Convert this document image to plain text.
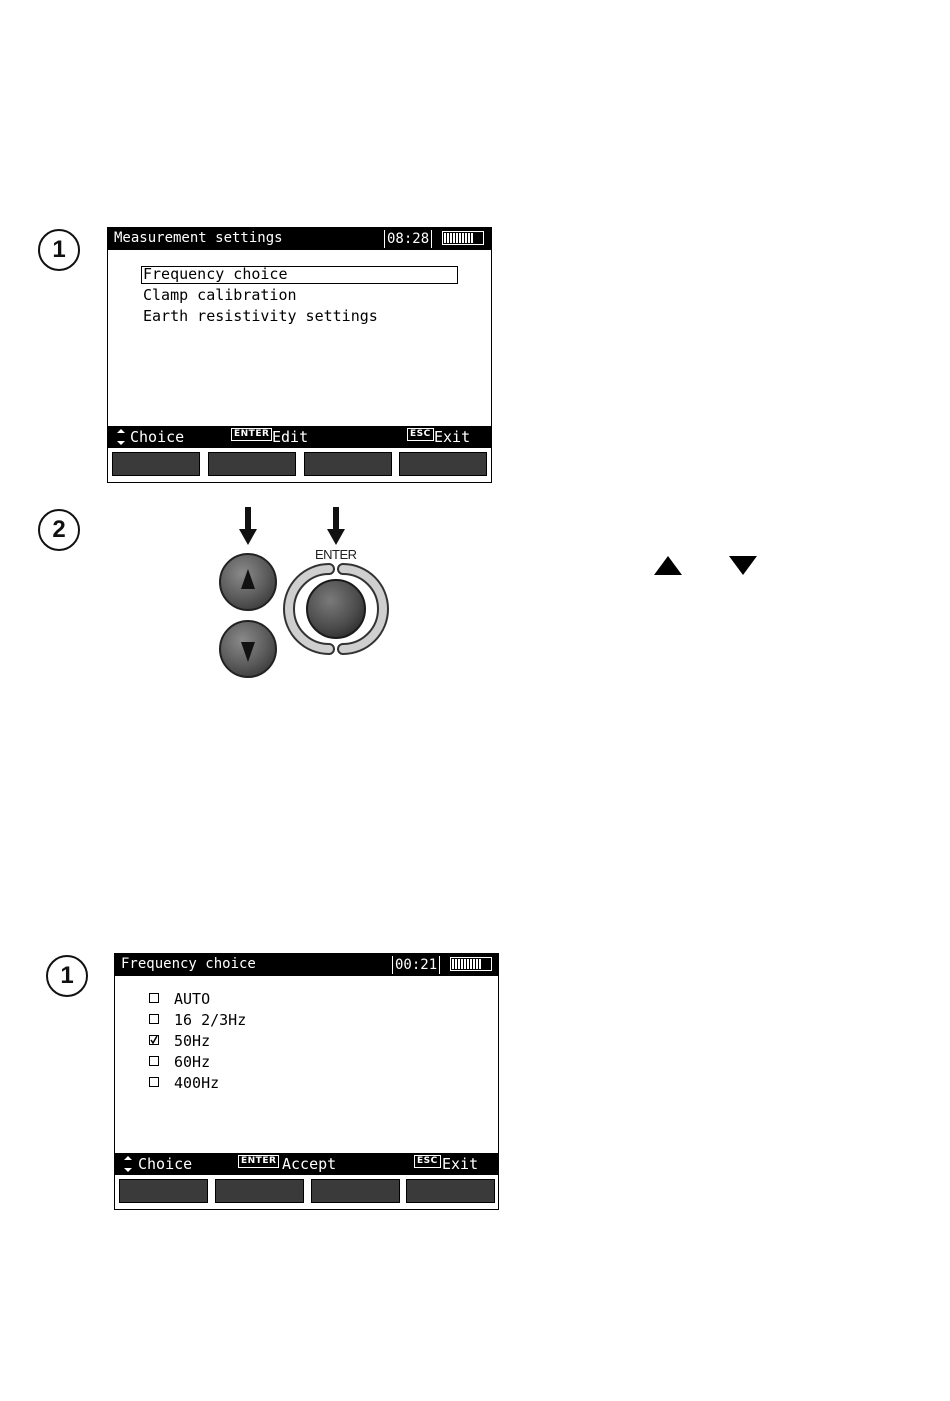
1	Measurement settings	08:28
Frequency choice
Clamp calibration
Earth resistivity settings
Choice	ENTER Edit	ESC Exit
2
ENTER
1	Frequency choice	00:21
AUTO
16 2/3Hz
50Hz
60Hz
400Hz
Choice	ENTER Accept	ESC Exit
